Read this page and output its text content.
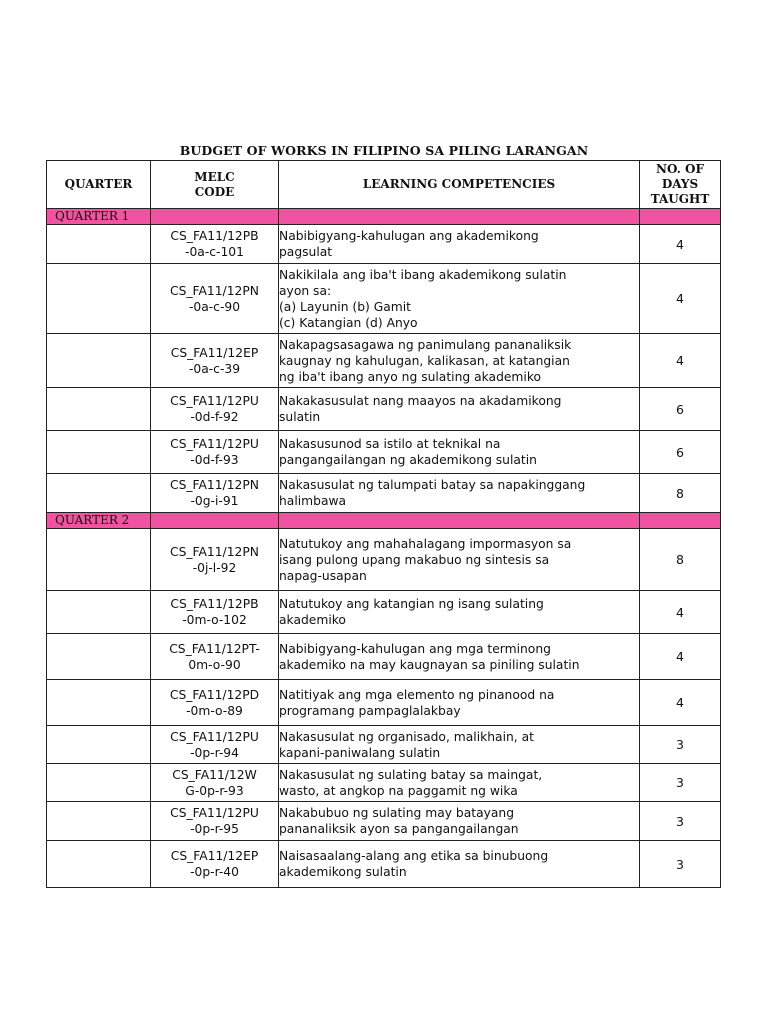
BUDGET OF WORKS IN FILIPINO SA PILING LARANGAN
QUARTER	MELC
CODE	LEARNING COMPETENCIES	NO. OF
DAYS
TAUGHT

QUARTER 1			

	CS_FA11/12PB
-0a-c-101	Nabibigyang-kahulugan ang akademikong
pagsulat	4

	CS_FA11/12PN
-0a-c-90	Nakikilala ang iba't ibang akademikong sulatin
ayon sa:
(a) Layunin (b) Gamit
(c) Katangian (d) Anyo	4

	CS_FA11/12EP
-0a-c-39	Nakapagsasagawa ng panimulang pananaliksik
kaugnay ng kahulugan, kalikasan, at katangian
ng iba't ibang anyo ng sulating akademiko	4

	CS_FA11/12PU
-0d-f-92	Nakakasusulat nang maayos na akadamikong
sulatin	6

	CS_FA11/12PU
-0d-f-93	Nakasusunod sa istilo at teknikal na
pangangailangan ng akademikong sulatin	6

	CS_FA11/12PN
-0g-i-91	Nakasusulat ng talumpati batay sa napakinggang
halimbawa	8
QUARTER 2			

	CS_FA11/12PN
-0j-l-92	Natutukoy ang mahahalagang impormasyon sa
isang pulong upang makabuo ng sintesis sa
napag-usapan	8

	CS_FA11/12PB
-0m-o-102	Natutukoy ang katangian ng isang sulating
akademiko	4

	CS_FA11/12PT-
0m-o-90	Nabibigyang-kahulugan ang mga terminong
akademiko na may kaugnayan sa piniling sulatin	4

	CS_FA11/12PD
-0m-o-89	Natitiyak ang mga elemento ng pinanood na
programang pampaglalakbay	4

	CS_FA11/12PU
-0p-r-94	Nakasusulat ng organisado, malikhain, at
kapani-paniwalang sulatin	3

	CS_FA11/12W
G-0p-r-93	Nakasusulat ng sulating batay sa maingat,
wasto, at angkop na paggamit ng wika	3

	CS_FA11/12PU
-0p-r-95	Nakabubuo ng sulating may batayang
pananaliksik ayon sa pangangailangan	3

	CS_FA11/12EP
-0p-r-40	Naisasaalang-alang ang etika sa binubuong
akademikong sulatin	3
